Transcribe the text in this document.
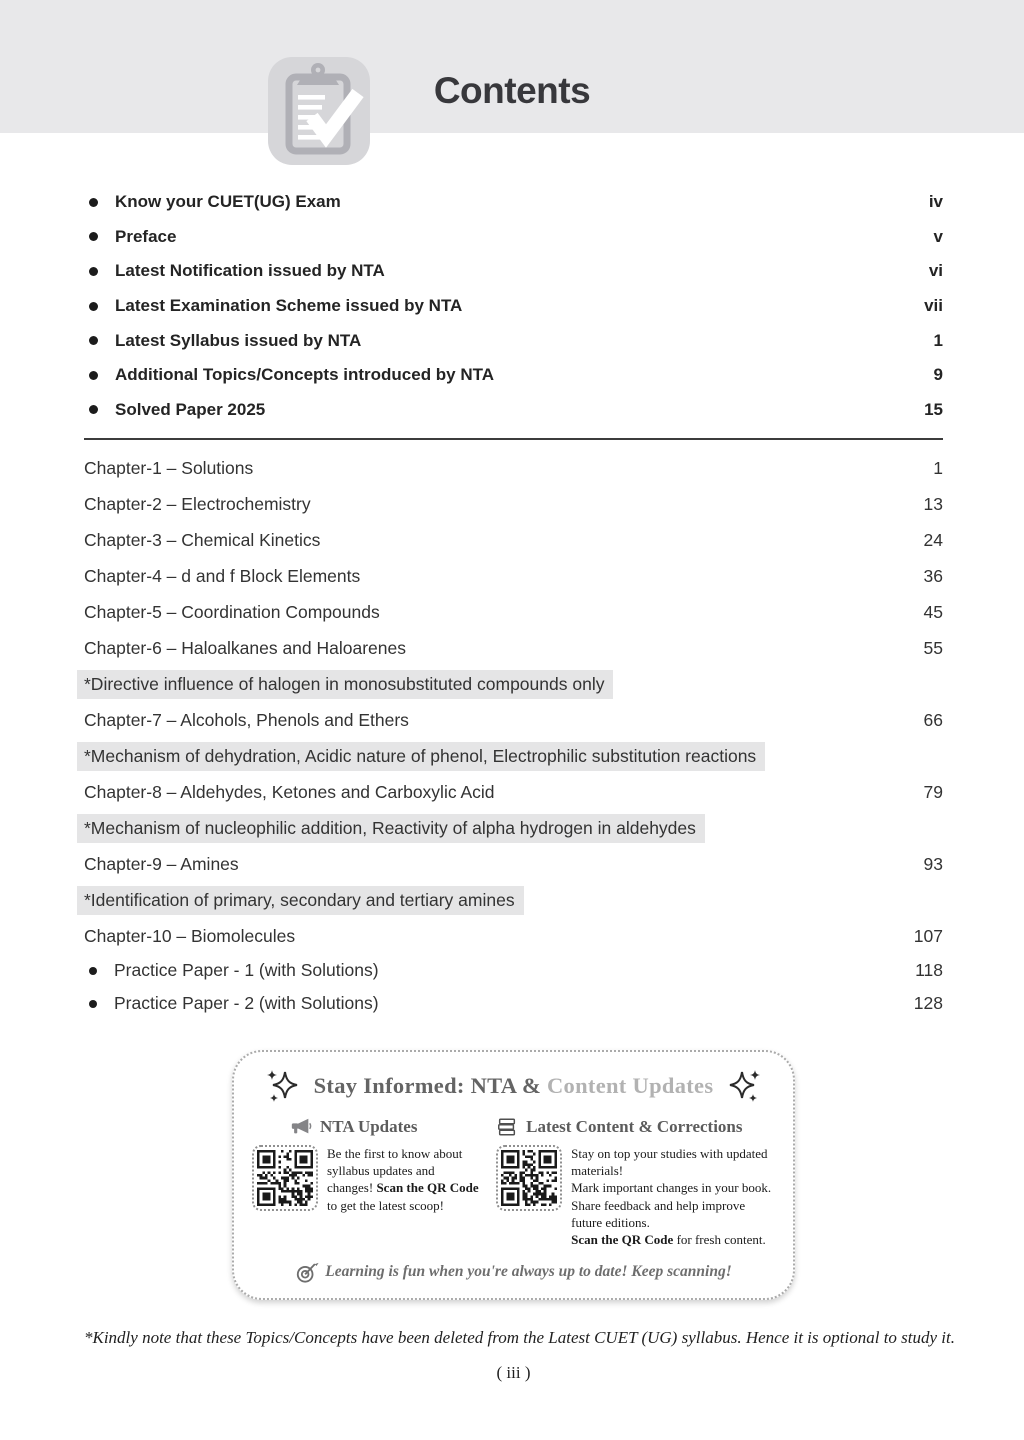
Contents
Know your CUET(UG) Exam	iv
Preface	v
Latest Notification issued by NTA	vi
Latest Examination Scheme issued by NTA	vii
Latest Syllabus issued by NTA	1
Additional Topics/Concepts introduced by NTA	9
Solved Paper 2025	15
Chapter-1 – Solutions	1
Chapter-2 – Electrochemistry	13
Chapter-3 – Chemical Kinetics	24
Chapter-4 – d and f Block Elements	36
Chapter-5 – Coordination Compounds	45
Chapter-6 – Haloalkanes and Haloarenes	55
*Directive influence of halogen in monosubstituted compounds only
Chapter-7 – Alcohols, Phenols and Ethers	66
*Mechanism of dehydration, Acidic nature of phenol, Electrophilic substitution reactions
Chapter-8 – Aldehydes, Ketones and Carboxylic Acid	79
*Mechanism of nucleophilic addition, Reactivity of alpha hydrogen in aldehydes
Chapter-9 – Amines	93
*Identification of primary, secondary and tertiary amines
Chapter-10 – Biomolecules	107
Practice Paper - 1 (with Solutions)	118
Practice Paper - 2 (with Solutions)	128
Stay Informed: NTA & Content Updates
NTA Updates
Be the first to know about syllabus updates and changes! Scan the QR Code to get the latest scoop!
Latest Content & Corrections
Stay on top your studies with updated materials!
Mark important changes in your book.
Share feedback and help improve future editions.
Scan the QR Code for fresh content.
Learning is fun when you're always up to date! Keep scanning!

*Kindly note that these Topics/Concepts have been deleted from the Latest CUET (UG) syllabus. Hence it is optional to study it.

( iii )
